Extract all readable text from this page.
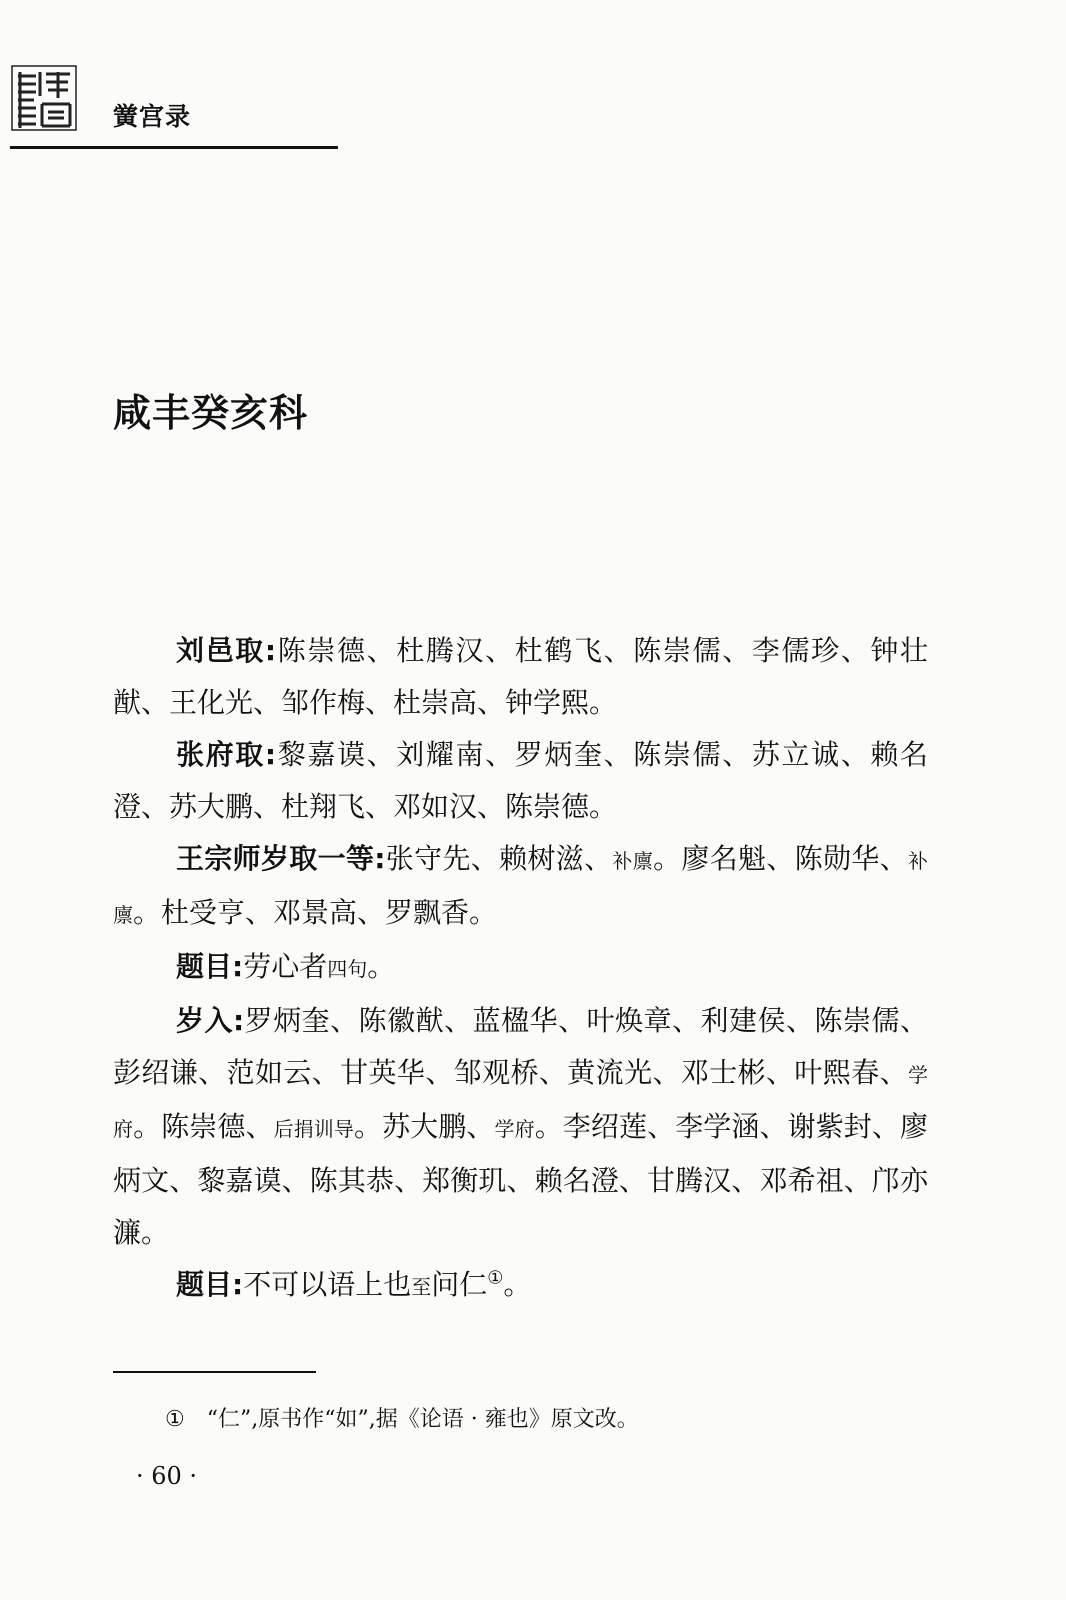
黉宫录
咸丰癸亥科

刘邑取:陈崇德、杜腾汉、杜鹤飞、陈崇儒、李儒珍、钟壮猷、王化光、邹作梅、杜崇高、钟学熙。

张府取:黎嘉谟、刘耀南、罗炳奎、陈崇儒、苏立诚、赖名澄、苏大鹏、杜翔飞、邓如汉、陈崇德。

王宗师岁取一等:张守先、赖树滋、补廪。廖名魁、陈勋华、补廪。杜受亨、邓景高、罗飘香。

题目:劳心者四句。

岁入:罗炳奎、陈徽猷、蓝楹华、叶焕章、利建侯、陈崇儒、彭绍谦、范如云、甘英华、邹观桥、黄流光、邓士彬、叶熙春、学府。陈崇德、后捐训导。苏大鹏、学府。李绍莲、李学涵、谢紫封、廖炳文、黎嘉谟、陈其恭、郑衡玑、赖名澄、甘腾汉、邓希祖、邝亦濂。

题目:不可以语上也至问仁①。

① “仁”,原书作“如”,据《论语 · 雍也》原文改。
· 60 ·
